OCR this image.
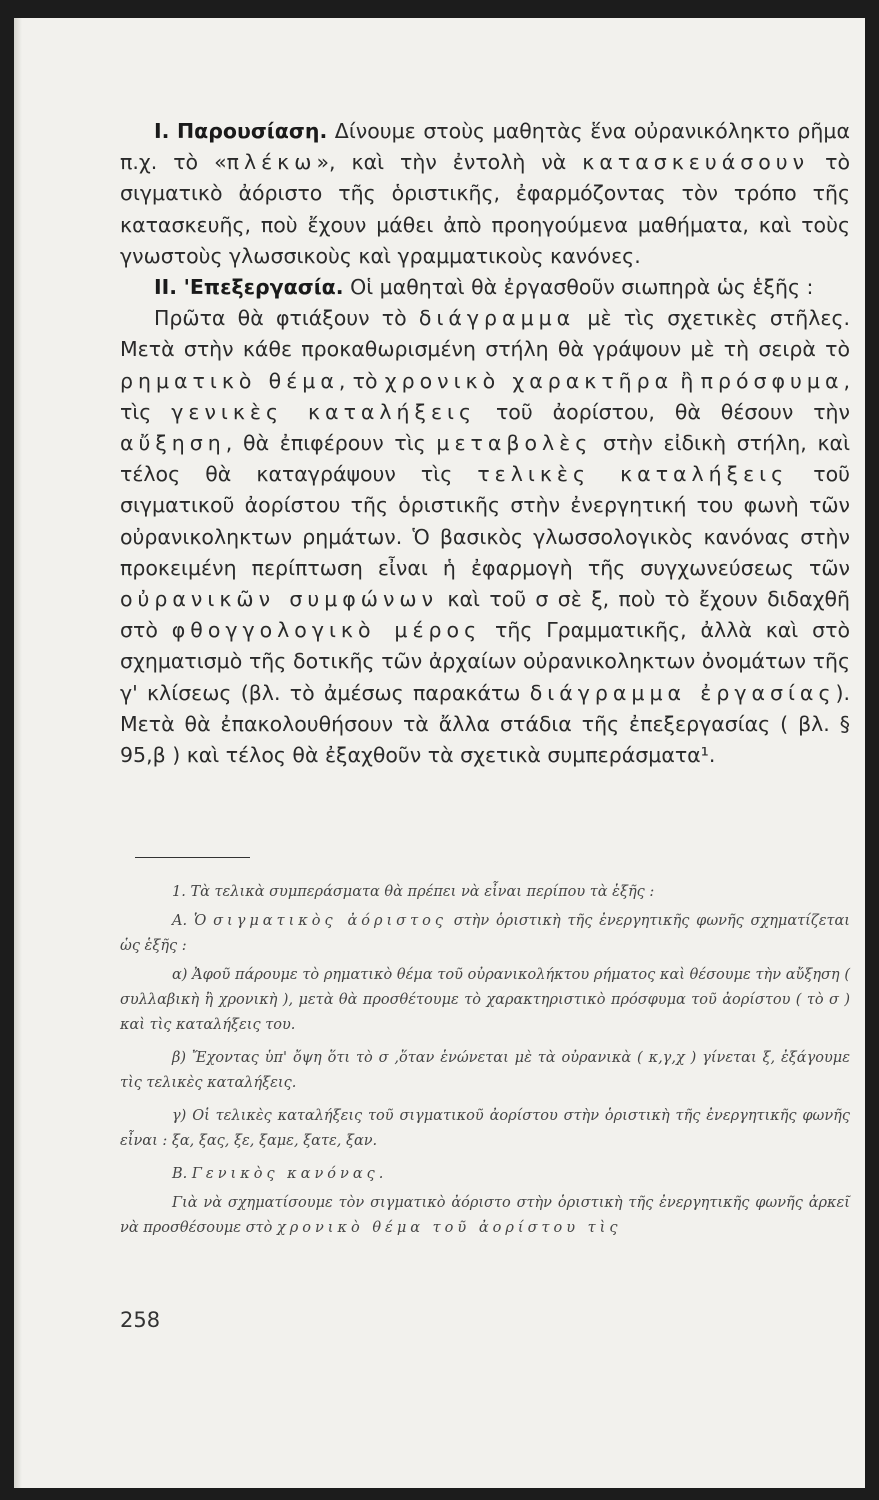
Ι. Παρουσίαση. Δίνουμε στοὺς μαθητὰς ἕνα οὐρανικόληκτο ρῆμα π.χ. τὸ «πλέκω», καὶ τὴν ἐντολὴ νὰ κατασκευάσουν τὸ σιγματικὸ ἀόριστο τῆς ὁριστικῆς, ἐφαρμόζοντας τὸν τρόπο τῆς κατασκευῆς, ποὺ ἔχουν μάθει ἀπὸ προηγούμενα μαθήματα, καὶ τοὺς γνωστοὺς γλωσσικοὺς καὶ γραμματικοὺς κανόνες.

ΙΙ. 'Επεξεργασία. Οἱ μαθηταὶ θὰ ἐργασθοῦν σιωπηρὰ ὡς ἑξῆς :

Πρῶτα θὰ φτιάξουν τὸ διάγραμμα μὲ τὶς σχετικὲς στῆλες. Μετὰ στὴν κάθε προκαθωρισμένη στήλη θὰ γράψουν μὲ τὴ σειρὰ τὸ ρηματικὸ θέμα, τὸ χρονικὸ χαρακτῆρα ἢ πρόσφυμα, τὶς γενικὲς καταλήξεις τοῦ ἀορίστου, θὰ θέσουν τὴν αὔξηση, θὰ ἐπιφέρουν τὶς μεταβολὲς στὴν εἰδικὴ στήλη, καὶ τέλος θὰ καταγράψουν τὶς τελικὲς καταλήξεις τοῦ σιγματικοῦ ἀορίστου τῆς ὁριστικῆς στὴν ἐνεργητική του φωνὴ τῶν οὐρανικοληκτων ρημάτων. Ὁ βασικὸς γλωσσολογικὸς κανόνας στὴν προκειμένη περίπτωση εἶναι ἡ ἐφαρμογὴ τῆς συγχωνεύσεως τῶν οὐρανικῶν συμφώνων καὶ τοῦ σ σὲ ξ, ποὺ τὸ ἔχουν διδαχθῆ στὸ φθογγολογικὸ μέρος τῆς Γραμματικῆς, ἀλλὰ καὶ στὸ σχηματισμὸ τῆς δοτικῆς τῶν ἀρχαίων οὐρανικοληκτων ὀνομάτων τῆς γ' κλίσεως (βλ. τὸ ἀμέσως παρακάτω διάγραμμα ἐργασίας). Μετὰ θὰ ἐπακολουθήσουν τὰ ἄλλα στάδια τῆς ἐπεξεργασίας ( βλ. § 95,β ) καὶ τέλος θὰ ἐξαχθοῦν τὰ σχετικὰ συμπεράσματα¹.

1. Τὰ τελικὰ συμπεράσματα θὰ πρέπει νὰ εἶναι περίπου τὰ ἑξῆς :

Α. Ὁ σιγματικὸς ἀόριστος στὴν ὁριστικὴ τῆς ἐνεργητικῆς φωνῆς σχηματίζεται ὡς ἑξῆς :

α) Ἀφοῦ πάρουμε τὸ ρηματικὸ θέμα τοῦ οὐρανικολήκτου ρήματος καὶ θέσουμε τὴν αὔξηση ( συλλαβικὴ ἢ χρονικὴ ), μετὰ θὰ προσθέτουμε τὸ χαρακτηριστικὸ πρόσφυμα τοῦ ἀορίστου ( τὸ σ ) καὶ τὶς καταλήξεις του.

β) Ἔχοντας ὑπ' ὄψη ὅτι τὸ σ ,ὅταν ἑνώνεται μὲ τὰ οὐρανικὰ ( κ,γ,χ ) γίνεται ξ, ἐξάγουμε τὶς τελικὲς καταλήξεις.

γ) Οἱ τελικὲς καταλήξεις τοῦ σιγματικοῦ ἀορίστου στὴν ὁριστικὴ τῆς ἐνεργητικῆς φωνῆς εἶναι : ξα, ξας, ξε, ξαμε, ξατε, ξαν.

Β. Γενικὸς κανόνας.

Γιὰ νὰ σχηματίσουμε τὸν σιγματικὸ ἀόριστο στὴν ὁριστικὴ τῆς ἐνεργητικῆς φωνῆς ἀρκεῖ νὰ προσθέσουμε στὸ χρονικὸ θέμα τοῦ ἀορίστου τὶς

258
